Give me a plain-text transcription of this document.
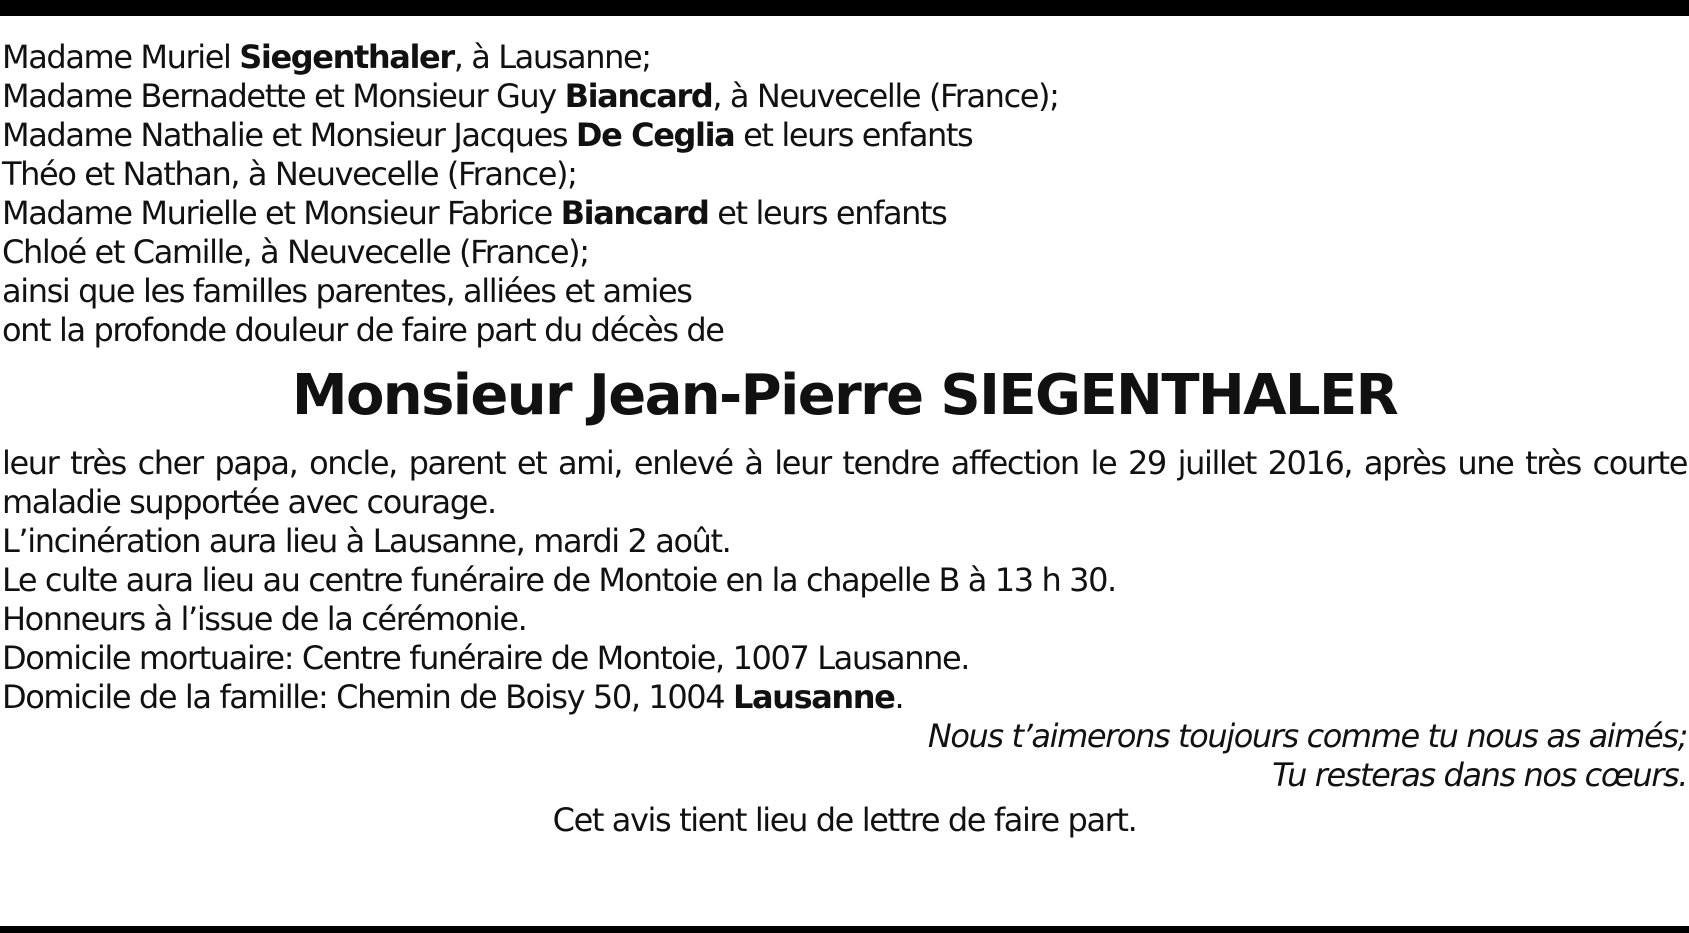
Madame Muriel Siegenthaler, à Lausanne;
Madame Bernadette et Monsieur Guy Biancard, à Neuvecelle (France);
Madame Nathalie et Monsieur Jacques De Ceglia et leurs enfants
Théo et Nathan, à Neuvecelle (France);
Madame Murielle et Monsieur Fabrice Biancard et leurs enfants
Chloé et Camille, à Neuvecelle (France);
ainsi que les familles parentes, alliées et amies
ont la profonde douleur de faire part du décès de
Monsieur Jean-Pierre SIEGENTHALER
leur très cher papa, oncle, parent et ami, enlevé à leur tendre affection le 29 juillet 2016, après une très courte
maladie supportée avec courage.
L’incinération aura lieu à Lausanne, mardi 2 août.
Le culte aura lieu au centre funéraire de Montoie en la chapelle B à 13 h 30.
Honneurs à l’issue de la cérémonie.
Domicile mortuaire: Centre funéraire de Montoie, 1007 Lausanne.
Domicile de la famille: Chemin de Boisy 50, 1004 Lausanne.
Nous t’aimerons toujours comme tu nous as aimés;
Tu resteras dans nos cœurs.
Cet avis tient lieu de lettre de faire part.
